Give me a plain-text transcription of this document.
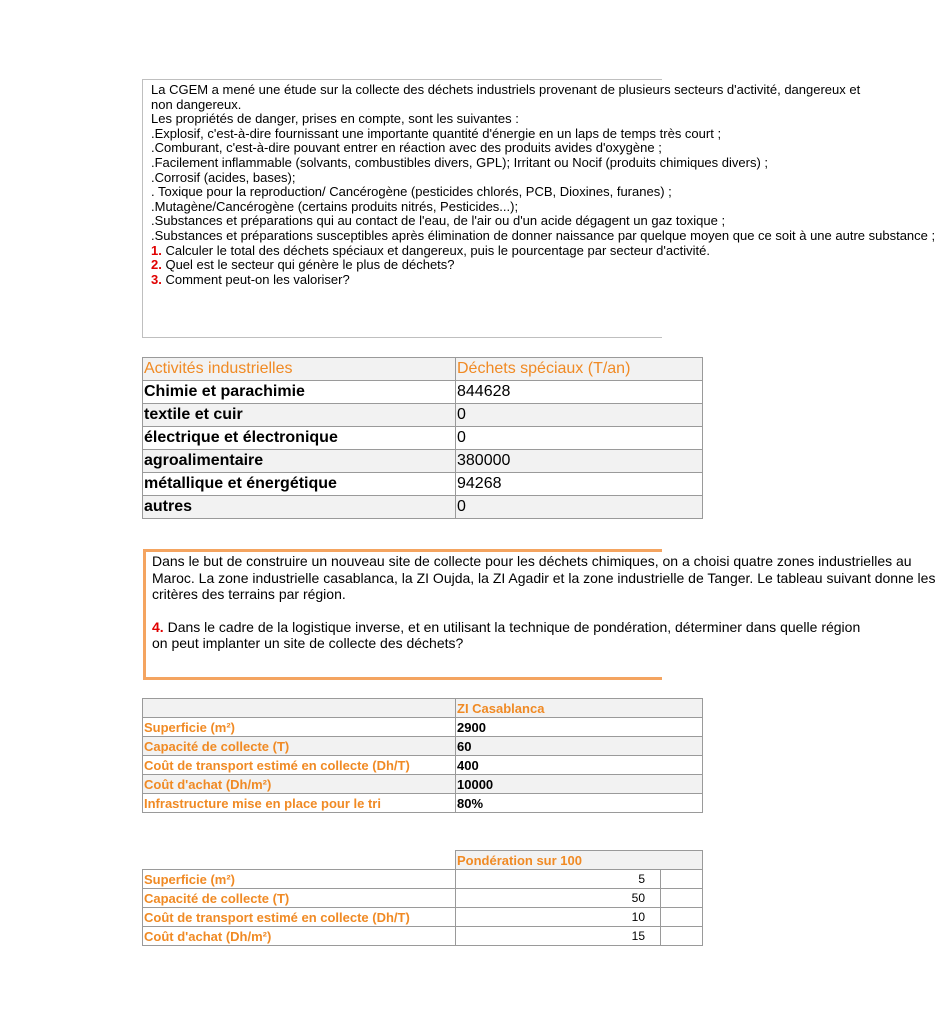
La CGEM a mené une étude sur la collecte des déchets industriels provenant de plusieurs secteurs d'activité, dangereux et
non dangereux.
Les propriétés de danger, prises en compte, sont les suivantes :
.Explosif, c'est-à-dire fournissant une importante quantité d'énergie en un laps de temps très court ;
.Comburant, c'est-à-dire pouvant entrer en réaction avec des produits avides d'oxygène ;
.Facilement inflammable (solvants, combustibles divers, GPL); Irritant ou Nocif (produits chimiques divers) ;
.Corrosif (acides, bases);
. Toxique pour la reproduction/ Cancérogène (pesticides chlorés, PCB, Dioxines, furanes) ;
.Mutagène/Cancérogène (certains produits nitrés, Pesticides...);
.Substances et préparations qui au contact de l'eau, de l'air ou d'un acide dégagent un gaz toxique ;
.Substances et préparations susceptibles après élimination de donner naissance par quelque moyen que ce soit à une autre substance ;
1. Calculer le total des déchets spéciaux et dangereux, puis le pourcentage par secteur d'activité.
2. Quel est le secteur qui génère le plus de déchets?
3. Comment peut-on les valoriser?
Activités industrielles	Déchets spéciaux (T/an)
Chimie et parachimie	844628
textile et cuir	0
électrique et électronique	0
agroalimentaire	380000
métallique et énergétique	94268
autres	0
Dans le but de construire un nouveau site de collecte pour les déchets chimiques, on a choisi quatre zones industrielles au
Maroc. La zone industrielle casablanca, la ZI Oujda, la ZI Agadir et la zone industrielle de Tanger. Le tableau suivant donne les
critères des terrains par région.
4. Dans le cadre de la logistique inverse, et en utilisant la technique de pondération, déterminer dans quelle région
on peut implanter un site de collecte des déchets?
	ZI Casablanca
Superficie (m²)	2900
Capacité de collecte (T)	60
Coût de transport estimé en collecte (Dh/T)	400
Coût d'achat (Dh/m²)	10000
Infrastructure mise en place pour le tri	80%
	Pondération sur 100	
Superficie (m²)	5	
Capacité de collecte (T)	50	
Coût de transport estimé en collecte (Dh/T)	10	
Coût d'achat (Dh/m²)	15	
